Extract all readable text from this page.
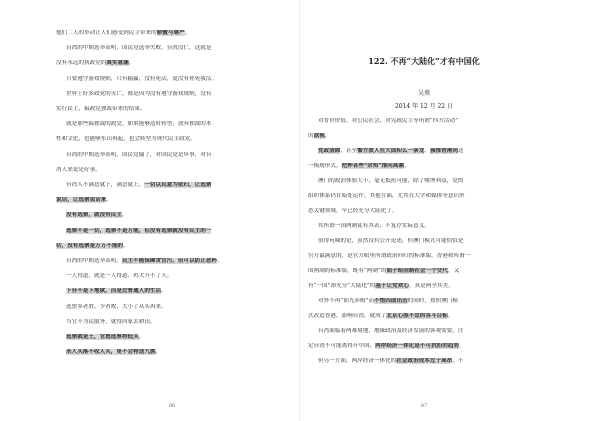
86
他们二人的举动让人们感受到民主带来的骄傲与尊严。
台湾的中期选举表明，国民党选举失败，台湾没仁，这就是
没有永远的执政党的真实意涵。
只要遵守游戏规则，只有输赢，没有死活，更没有你死我活。
世界上好多政党的灭亡，都是因为没有遵守游戏规则，没有
实行民主，搞政党独裁带来的结果。
就是那些搞独裁的政党，如果能够适时转型，放弃独裁的本
性和文化，也能够东山再起，也会转型为现代民主政党。
台湾的中期选举表明，国民党输了，对国民党是坏事，对台
湾人来说是好事。
台湾人不满意就下，满意就上，一切以民意为依归，让选票
说话，让选票说话来。
没有选票，就没有民主。
选票不是一切，选票不是万能，但没有选票就没有民主的一
切，没有选票是万万不能的。
台湾的中期选举表明，民主不能保障贪官污，但可以防止恶杯。
一人得道，就是一人得道，鸡犬升不了天。
下台不是下地狱，而是过普通人的生活。
选票多者胜，少者败，大小了从头再来。
当官不为民服务，就得回家去耕田。
选票就是王，官逃选票将低头。
杀人头落不收人头，更不会将迭九族。
122. 不再“大陆化”才有中国化
吴葵
2014 年 12 月 22 日
87
对普世价值、对公民社会、对宪政民主等所谓“四方活动”
的敌视。
党政清除，甚至警方派人在大面积么一条龙、强推香港同这
一模规形式，把押各些“余知”推向高潮。
澳门的政治体验大小，毫无抵抗可能，除了赌博利益，党的
组织体系仍在暗处运作，其他方面，尤其在大学和媒体等意识形
态关键领域，早已经充分大陆化了。
其所谓一国两制徒有其表，不复存实际意义。
值得玩味的是，虽然没有公开论述，但澳门模式可能恰恰是
官方最满意的，是官方眼里所谓政治回归的标准版，香港和所谓一
国两制的标准版。既有“两制”的面子给回制社会一个交代，又
有“一国”却充分“大陆化”的基于让党欢心。真是两全其美。
对外不再“韬光养晦”而不惜四面出击的同时，按照澳门模
式改造香港，影响台湾，就成了北京心照不宣的各斗目标。
台湾面临着两难境地，地缘政治及经济发展的客观需要，注
定台湾不可能离得开中国，两岸经济一体化是不可抗拒的趋势。
但另一方面，两岸经济一体化的社会政治成本过于高昂，不
